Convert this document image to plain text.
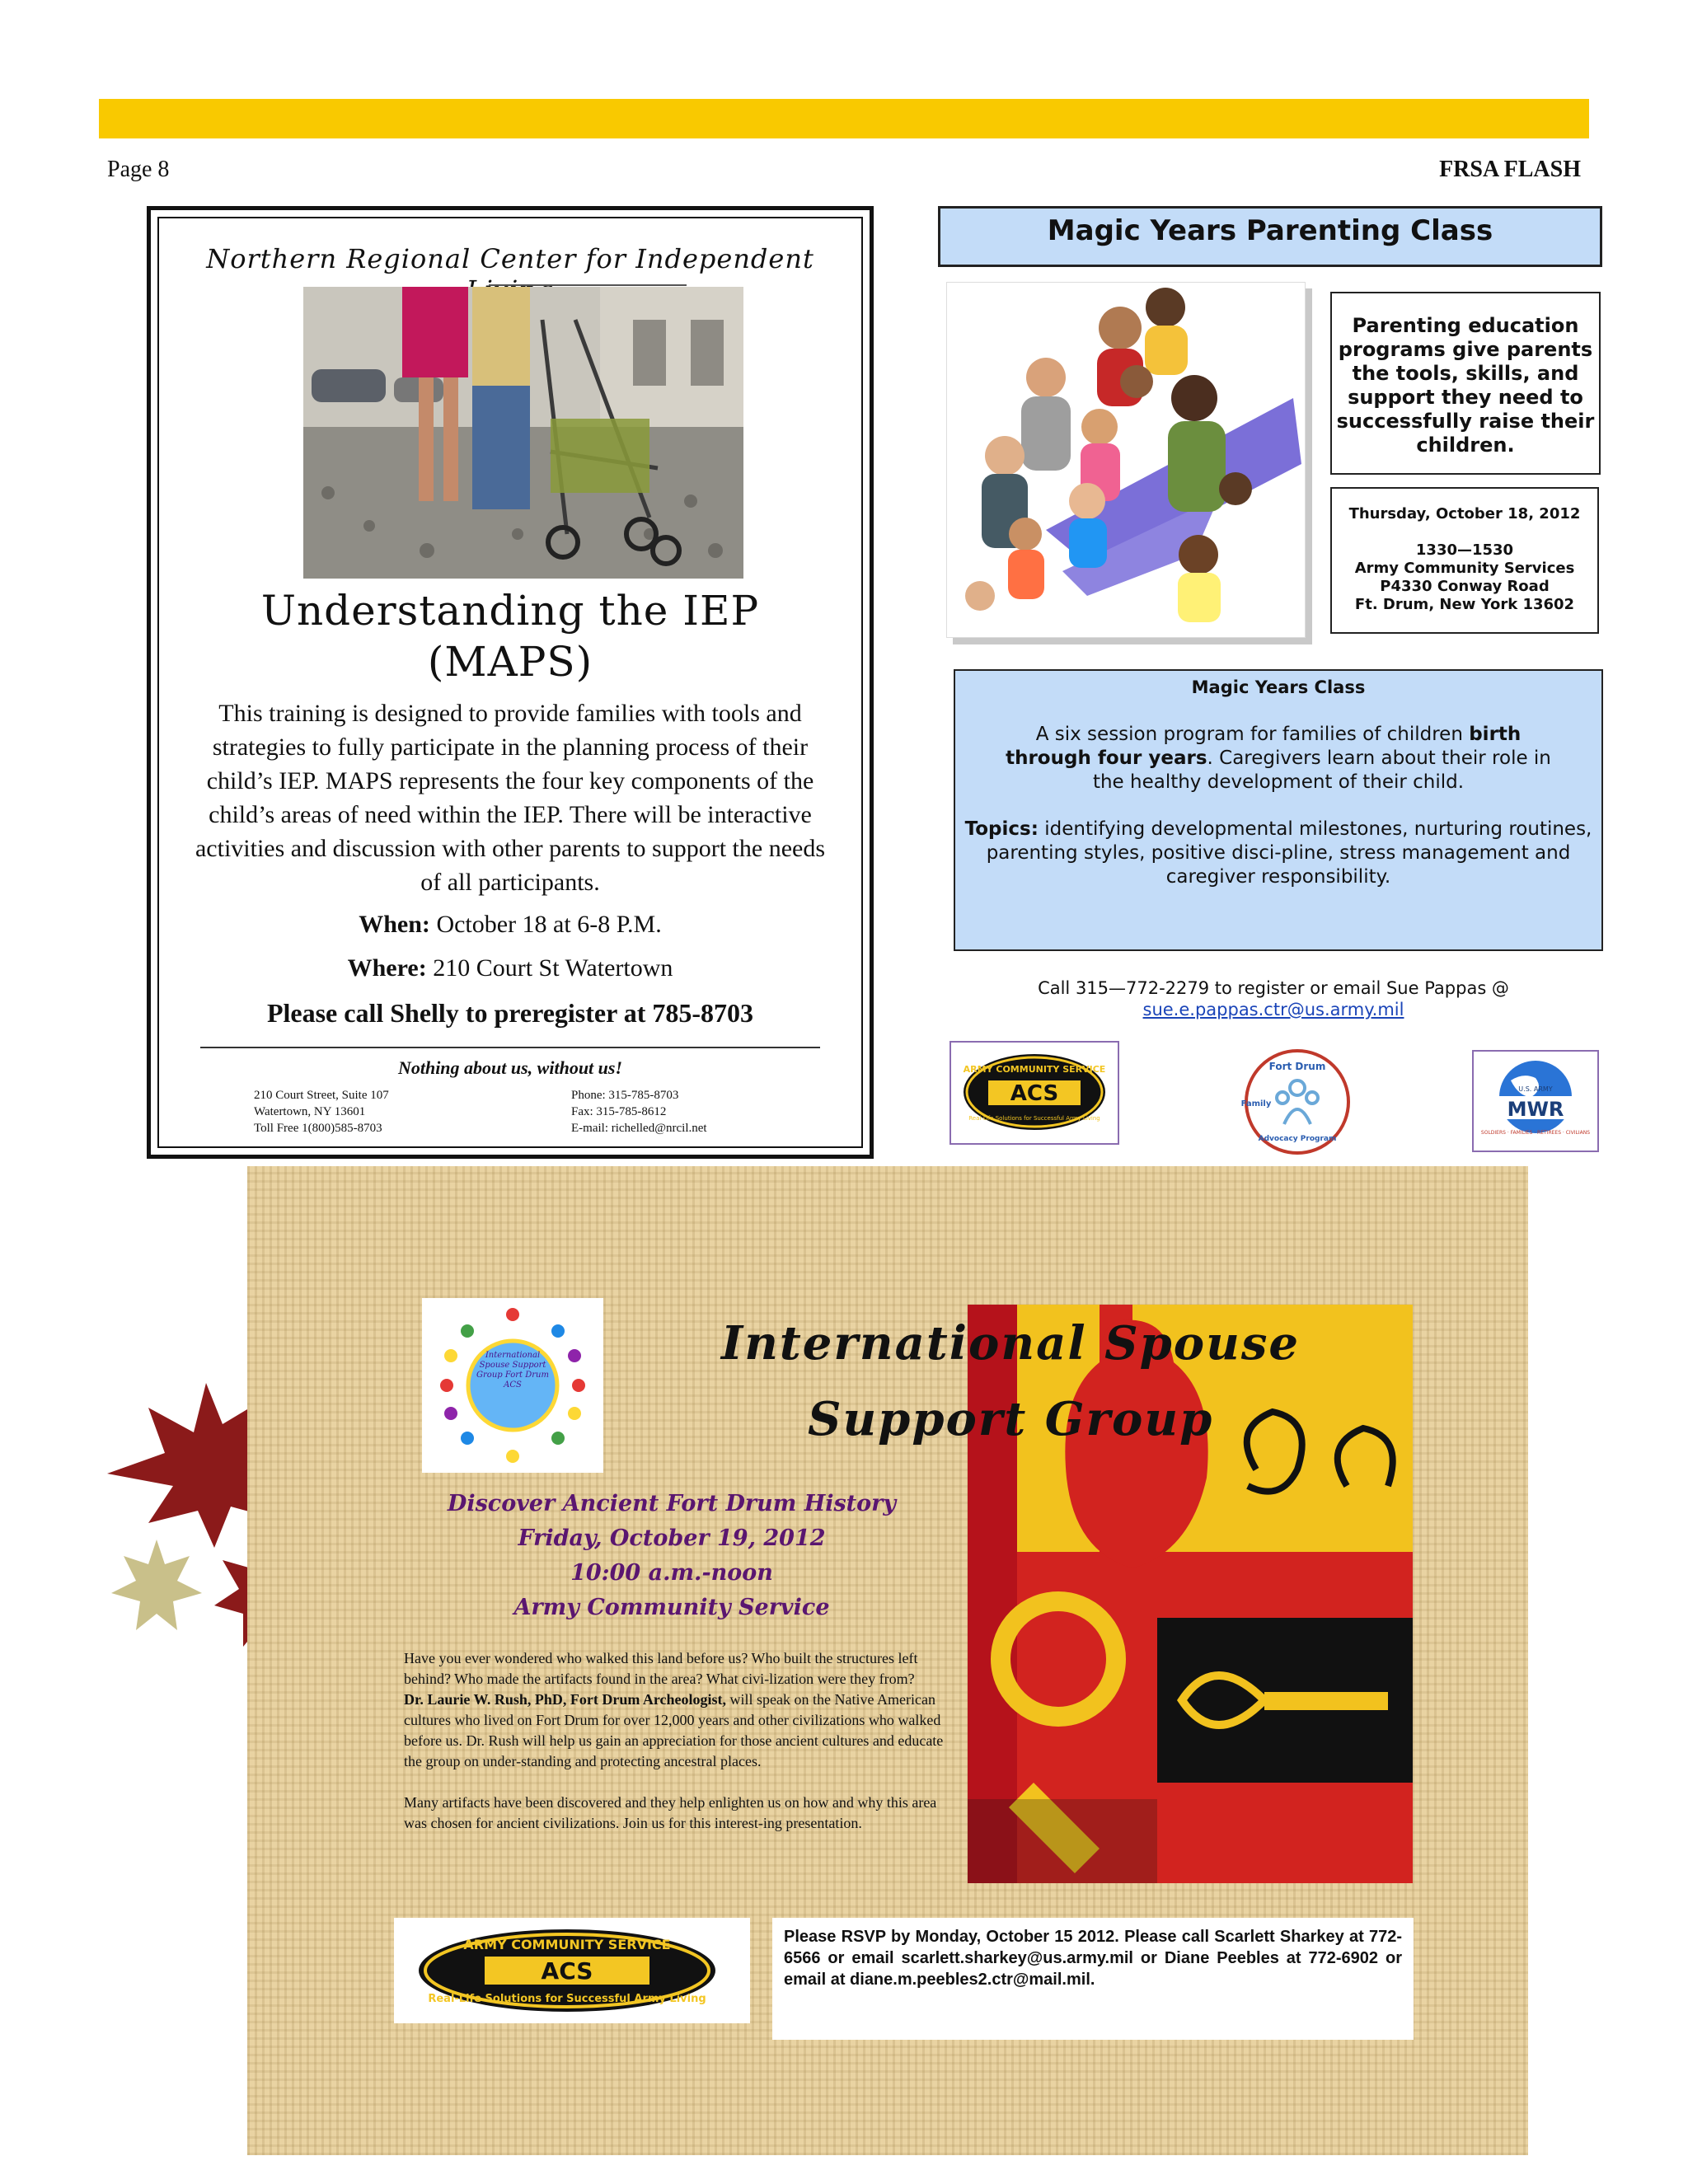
Page 8	FRSA FLASH
Northern Regional Center for Independent
Understanding the IEP
(MAPS)
This training is designed to provide families with tools and strategies to fully participate in the planning process of their child’s IEP. MAPS represents the four key components of the child’s areas of need within the IEP. There will be interactive activities and discussion with other parents to support the needs of all participants.
When: October 18 at 6-8 P.M.
Where: 210 Court St Watertown
Please call Shelly to preregister at 785-8703
Nothing about us, without us!
210 Court Street, Suite 107
Watertown, NY 13601
Toll Free 1(800)585-8703
Phone: 315-785-8703
Fax: 315-785-8612
E-mail: richelled@nrcil.net
Magic Years Parenting Class
Parenting education programs give parents the tools, skills, and support they need to successfully raise their children.
Thursday, October 18, 2012
1330—1530
Army Community Services
P4330 Conway Road
Ft. Drum, New York 13602
Magic Years Class
A six session program for families of children birth through four years. Caregivers learn about their role in the healthy development of their child.
Topics: identifying developmental milestones, nurturing routines, parenting styles, positive disci-pline, stress management and caregiver responsibility.
Call 315—772-2279 to register or email Sue Pappas @
sue.e.pappas.ctr@us.army.mil
ACS
ARMY COMMUNITY SERVICE
Real-Life Solutions for Successful Army Living
Fort Drum
Family
Advocacy Program
U.S. ARMY
MWR
SOLDIERS · FAMILIES · RETIREES · CIVILIANS
International Spouse
Support Group
International Spouse Support Group Fort Drum ACS
Discover Ancient Fort Drum History
Friday, October 19, 2012
10:00 a.m.-noon
Army Community Service
Have you ever wondered who walked this land before us? Who built the structures left behind? Who made the artifacts found in the area? What civi-lization were they from?
Dr. Laurie W. Rush, PhD, Fort Drum Archeologist, will speak on the Native American cultures who lived on Fort Drum for over 12,000 years and other civilizations who walked before us. Dr. Rush will help us gain an appreciation for those ancient cultures and educate the group on under-standing and protecting ancestral places.
Many artifacts have been discovered and they help enlighten us on how and why this area was chosen for ancient civilizations. Join us for this interest-ing presentation.
ACS
ARMY COMMUNITY SERVICE
Real-Life Solutions for Successful Army Living
Please RSVP by Monday, October 15 2012. Please call Scarlett Sharkey at 772-6566 or email scarlett.sharkey@us.army.mil or Diane Peebles at 772-6902 or email at diane.m.peebles2.ctr@mail.mil.
